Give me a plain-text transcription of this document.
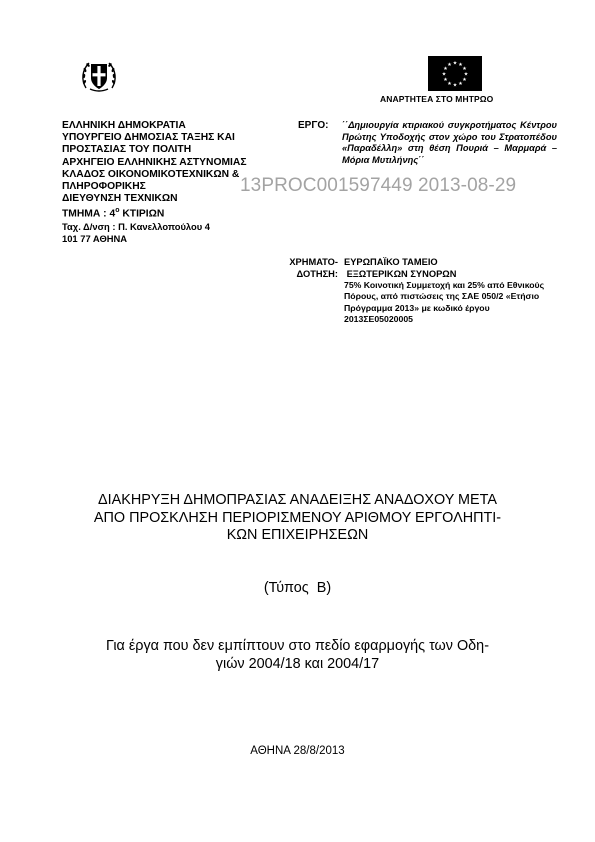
★ ★
★
★
★
★
★
★
★
★
★
★
ΑΝΑΡΤΗΤΕΑ ΣΤΟ ΜΗΤΡΩΟ
ΕΛΛΗΝΙΚΗ ΔΗΜΟΚΡΑΤΙΑ
ΥΠΟΥΡΓΕΙΟ ΔΗΜΟΣΙΑΣ ΤΑΞΗΣ ΚΑΙ
ΠΡΟΣΤΑΣΙΑΣ ΤΟΥ ΠΟΛΙΤΗ
ΑΡΧΗΓΕΙΟ ΕΛΛΗΝΙΚΗΣ ΑΣΤΥΝΟΜΙΑΣ
ΚΛΑΔΟΣ ΟΙΚΟΝΟΜΙΚΟΤΕΧΝΙΚΩΝ &
ΠΛΗΡΟΦΟΡΙΚΗΣ
ΔΙΕΥΘΥΝΣΗ ΤΕΧΝΙΚΩΝ
ΤΜΗΜΑ : $4^o$ ΚΤΙΡΙΩΝ
Ταχ. Δ/νση : Π. Κανελλοπούλου 4
101 77 ΑΘΗΝΑ
13PROC001597449 2013-08-29
ΕΡΓΟ: ΄΄Δημιουργία κτιριακού συγκροτήματος Κέντρου Πρώτης Υποδοχής στον χώρο του Στρατοπέδου «Παραδέλλη» στη θέση Πουριά – Μαρμαρά – Μόρια Μυτιλήνης΄΄
ΧΡΗΜΑΤΟ-
ΔΟΤΗΣΗ:
ΕΥΡΩΠΑΪΚΟ ΤΑΜΕΙΟ
ΕΞΩΤΕΡΙΚΩΝ ΣΥΝΟΡΩΝ
75% Κοινοτική Συμμετοχή και 25% από Εθνικούς Πόρους, από πιστώσεις της ΣΑΕ 050/2 «Ετήσιο Πρόγραμμα 2013» με κωδικό έργου 2013ΣΕ05020005
ΔΙΑΚΗΡΥΞΗ ΔΗΜΟΠΡΑΣΙΑΣ ΑΝΑΔΕΙΞΗΣ ΑΝΑΔΟΧΟΥ ΜΕΤΑ
ΑΠΟ ΠΡΟΣΚΛΗΣΗ ΠΕΡΙΟΡΙΣΜΕΝΟΥ ΑΡΙΘΜΟΥ ΕΡΓΟΛΗΠΤΙ-
ΚΩΝ ΕΠΙΧΕΙΡΗΣΕΩΝ
(Τύπος  Β)
Για έργα που δεν εμπίπτουν στο πεδίο εφαρμογής των Οδη-
γιών 2004/18 και 2004/17
ΑΘΗΝΑ 28/8/2013
